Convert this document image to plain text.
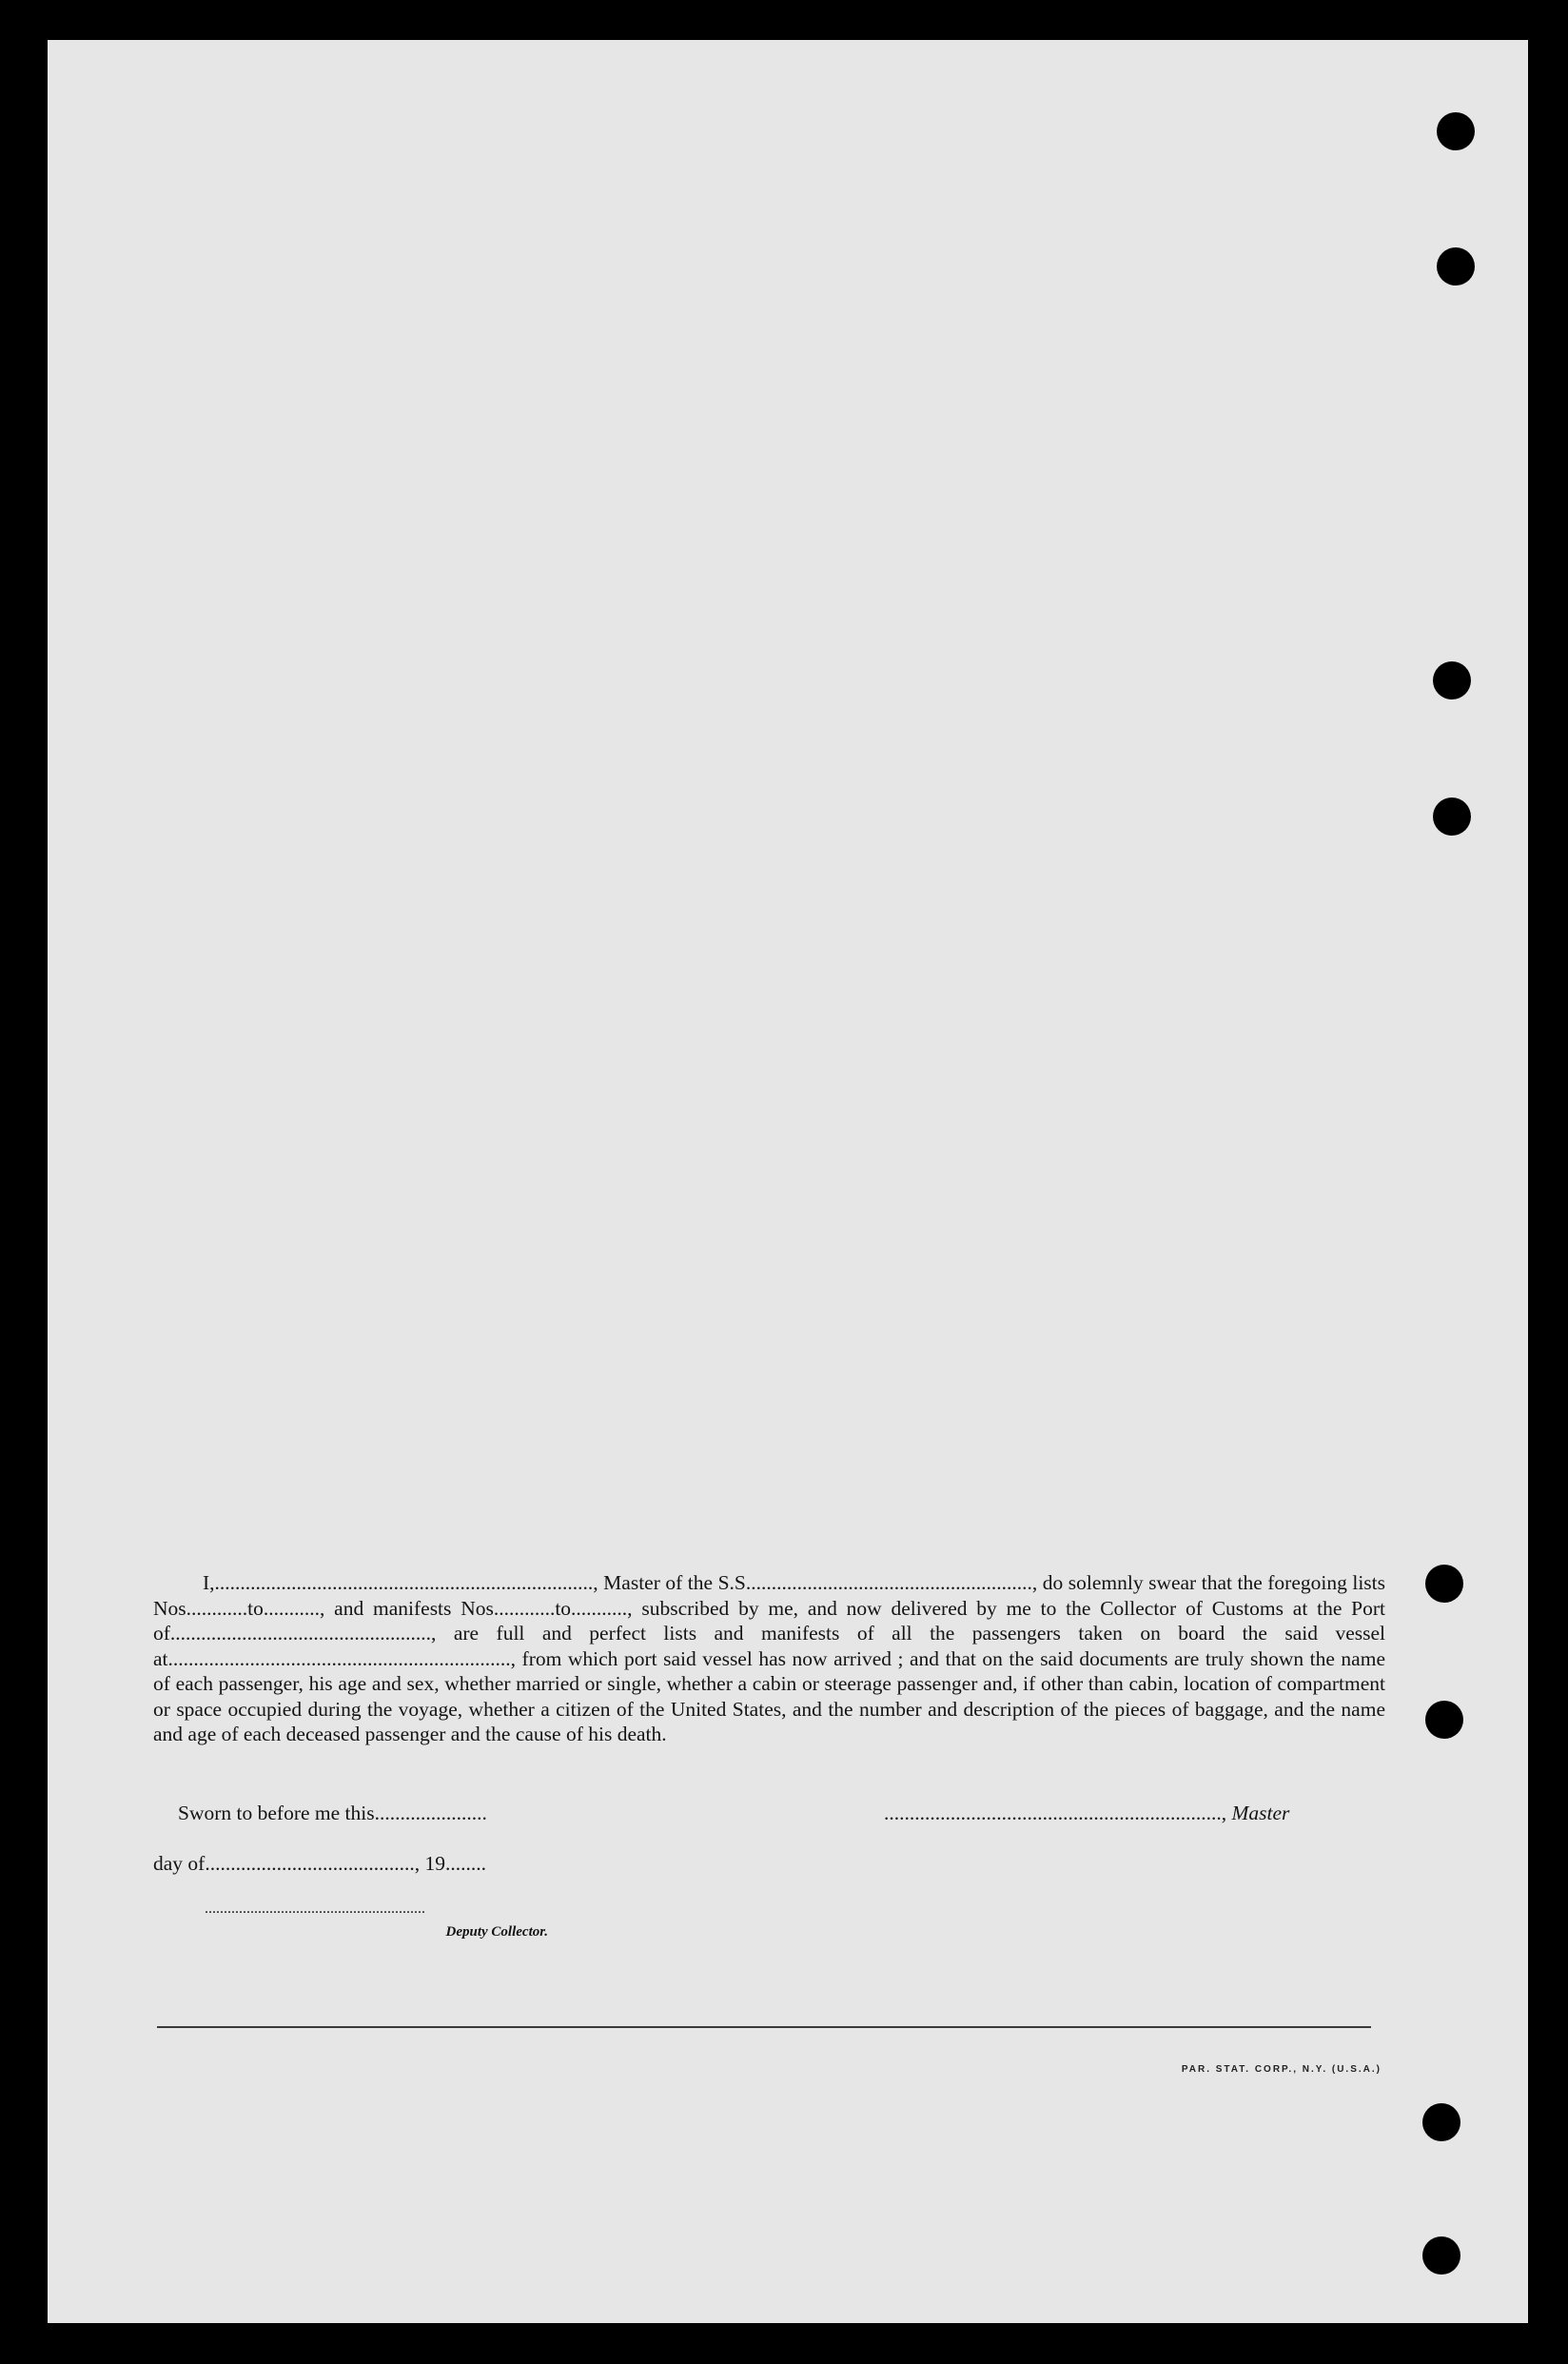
I,.........................................................................., Master of the S.S........................................................, do solemnly swear that the foregoing lists Nos............to..........., and manifests Nos............to..........., subscribed by me, and now delivered by me to the Collector of Customs at the Port of..................................................., are full and perfect lists and manifests of all the passengers taken on board the said vessel at..................................................................., from which port said vessel has now arrived ; and that on the said documents are truly shown the name of each passenger, his age and sex, whether married or single, whether a cabin or steerage passenger and, if other than cabin, location of compartment or space occupied during the voyage, whether a citizen of the United States, and the number and description of the pieces of baggage, and the name and age of each deceased passenger and the cause of his death.

Sworn to before me this......................	.................................................................., Master
day of........................................., 19........
..........................................................
Deputy Collector.
PAR. STAT. CORP., N.Y. (U.S.A.)
